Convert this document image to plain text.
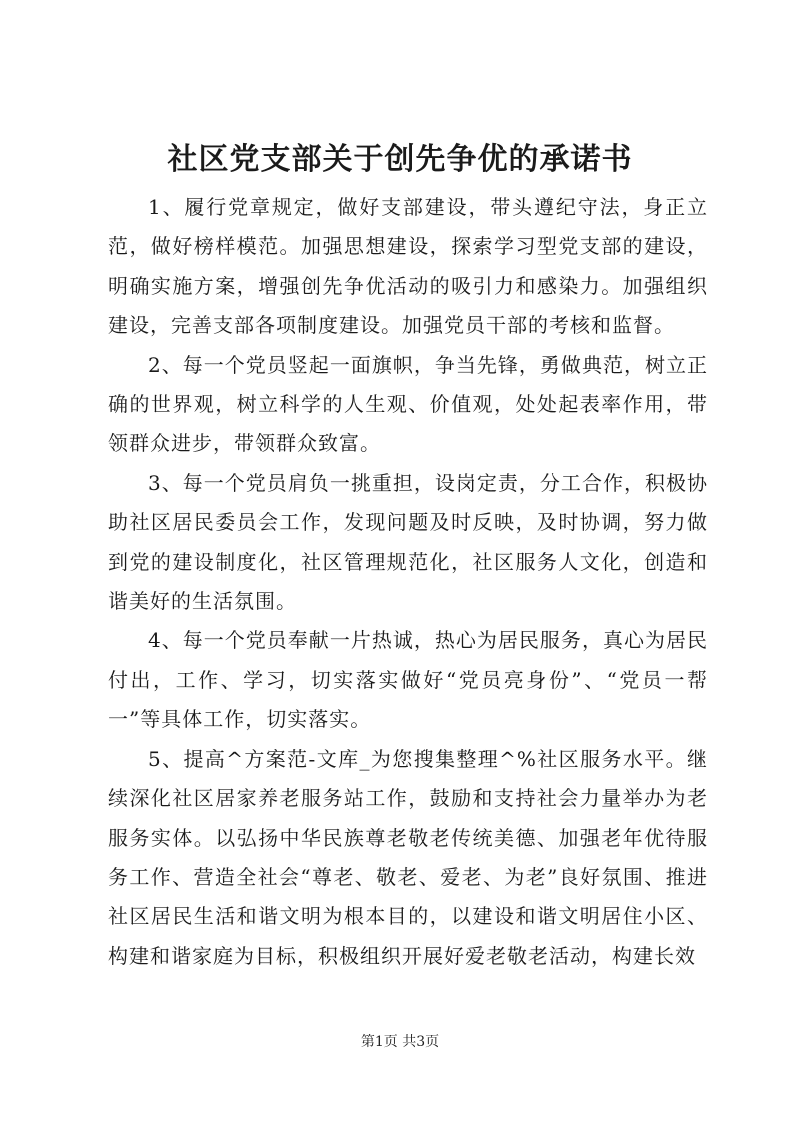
社区党支部关于创先争优的承诺书

1、履行党章规定，做好支部建设，带头遵纪守法，身正立范，做好榜样模范。加强思想建设，探索学习型党支部的建设，明确实施方案，增强创先争优活动的吸引力和感染力。加强组织建设，完善支部各项制度建设。加强党员干部的考核和监督。

2、每一个党员竖起一面旗帜，争当先锋，勇做典范，树立正确的世界观，树立科学的人生观、价值观，处处起表率作用，带领群众进步，带领群众致富。

3、每一个党员肩负一挑重担，设岗定责，分工合作，积极协助社区居民委员会工作，发现问题及时反映，及时协调，努力做到党的建设制度化，社区管理规范化，社区服务人文化，创造和谐美好的生活氛围。

4、每一个党员奉献一片热诚，热心为居民服务，真心为居民付出，工作、学习，切实落实做好“党员亮身份”、“党员一帮一”等具体工作，切实落实。

5、提高^方案范-文库_为您搜集整理^%社区服务水平。继续深化社区居家养老服务站工作，鼓励和支持社会力量举办为老服务实体。以弘扬中华民族尊老敬老传统美德、加强老年优待服务工作、营造全社会“尊老、敬老、爱老、为老”良好氛围、推进社区居民生活和谐文明为根本目的，以建设和谐文明居住小区、构建和谐家庭为目标，积极组织开展好爱老敬老活动，构建长效

第1页 共3页
